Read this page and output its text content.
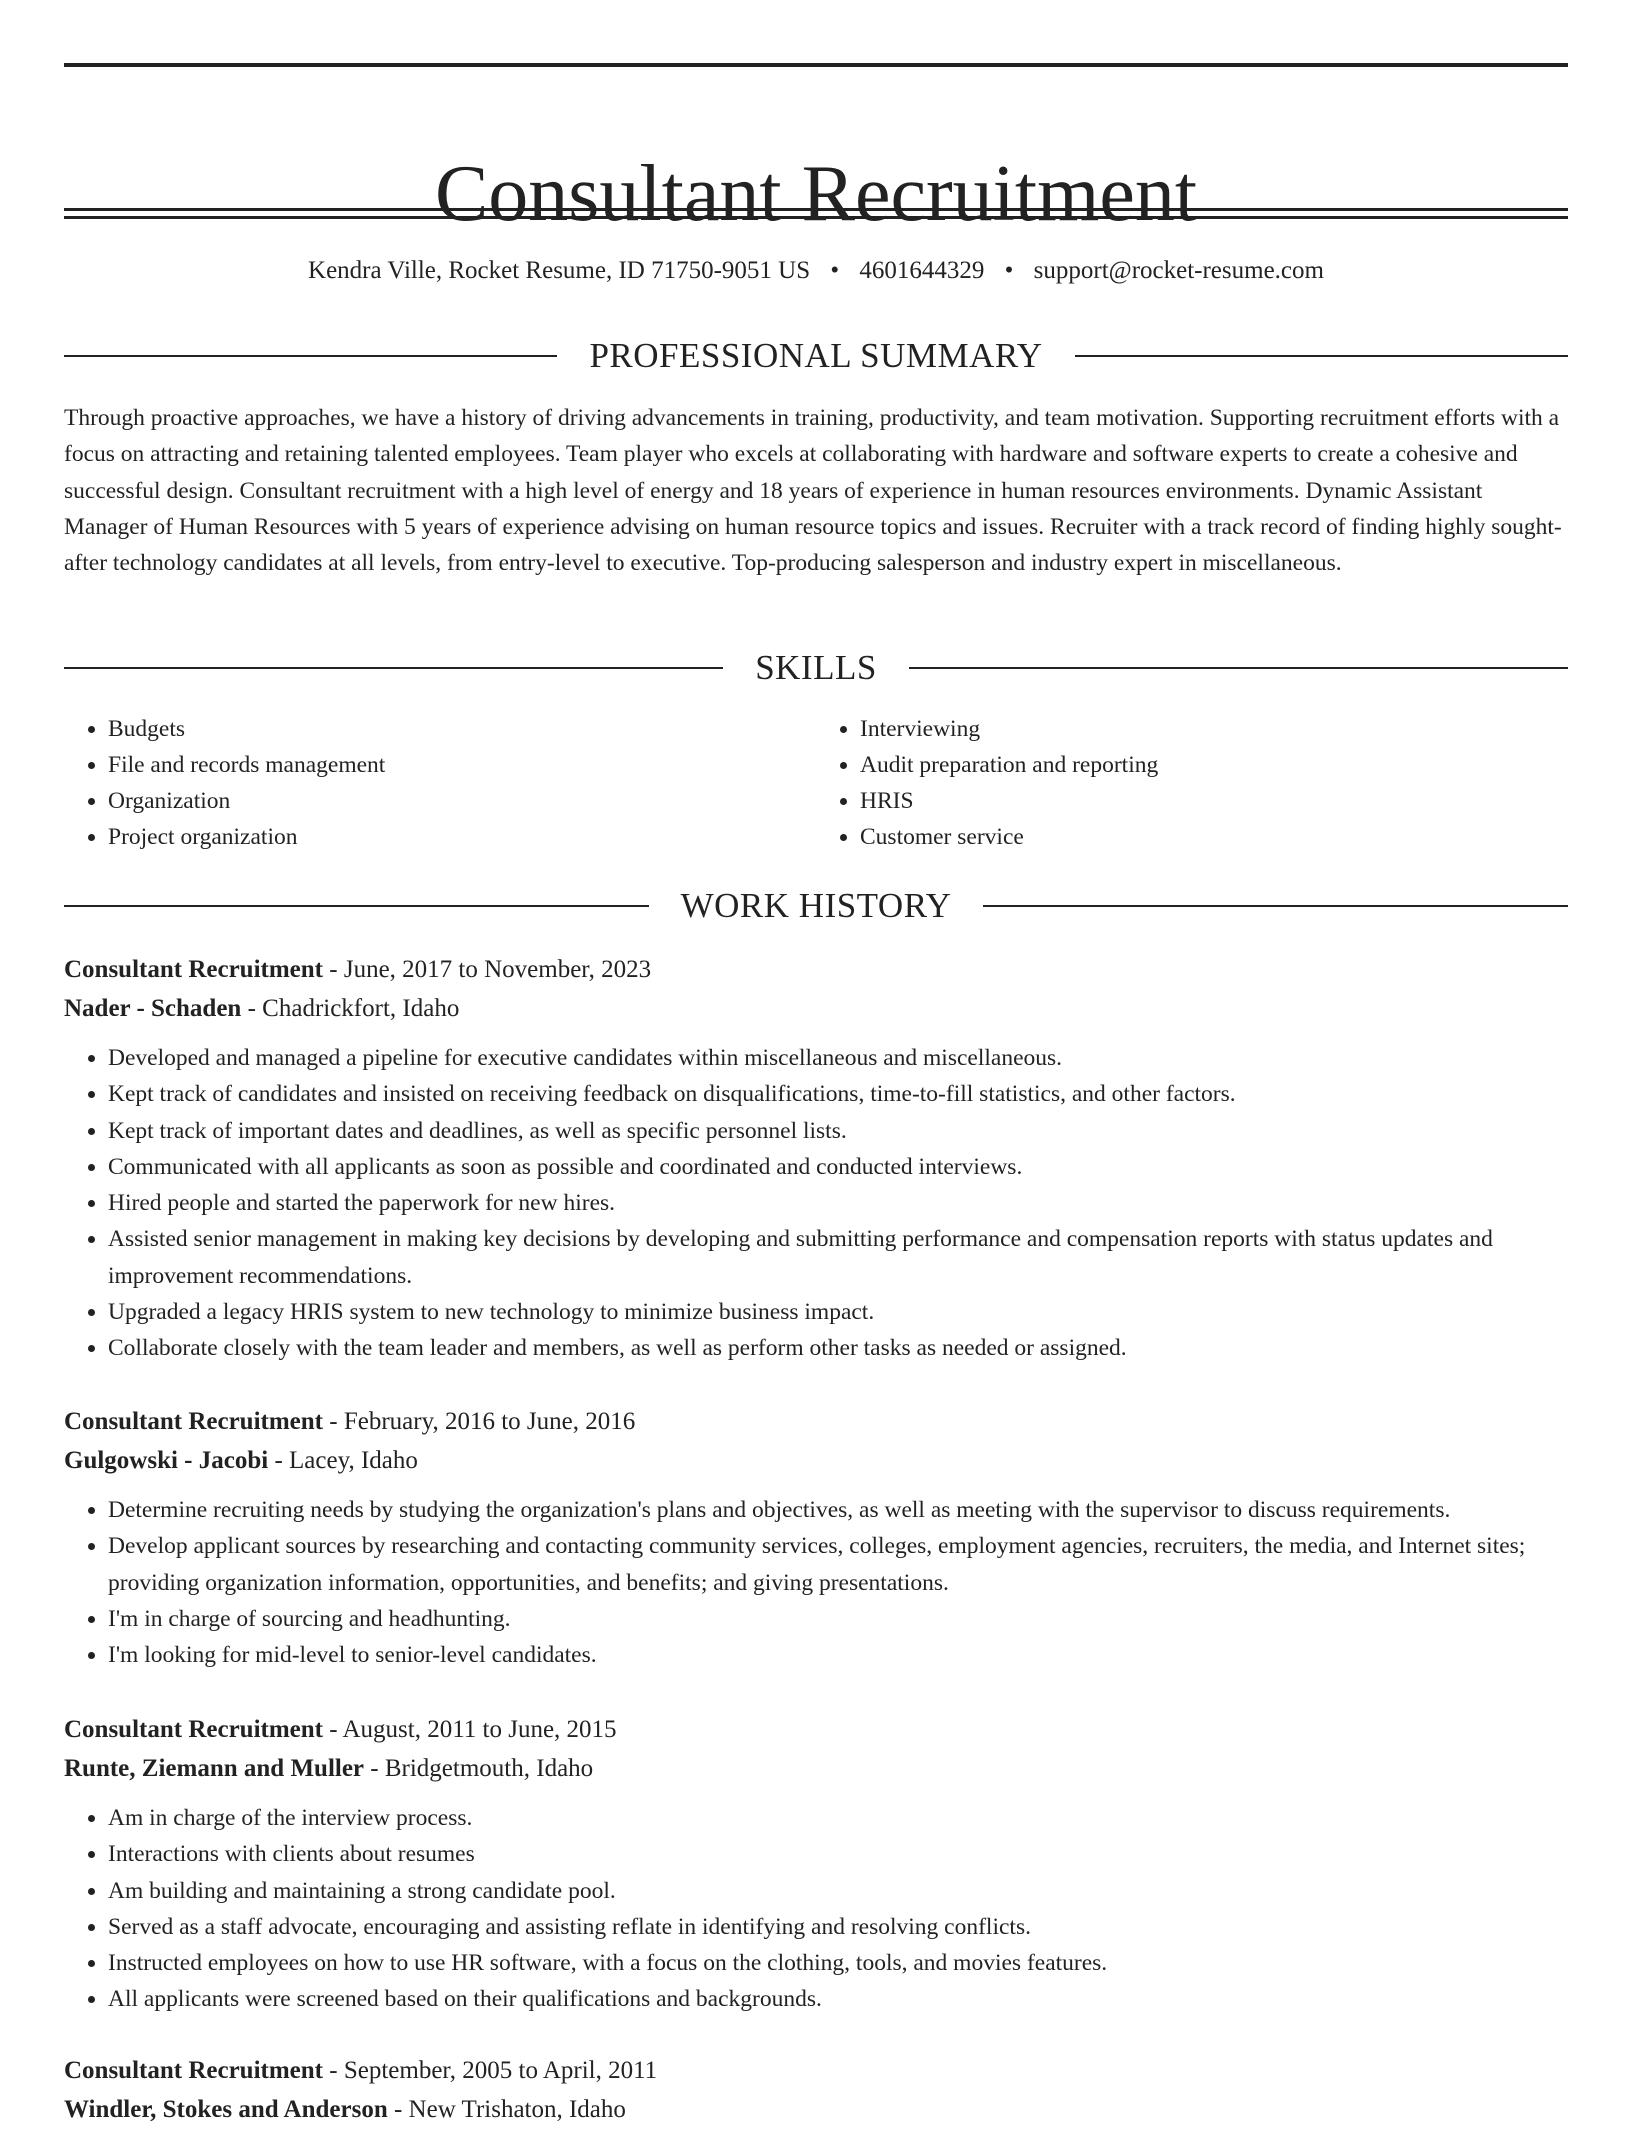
Consultant Recruitment
Kendra Ville, Rocket Resume, ID 71750-9051 US • 4601644329 • support@rocket-resume.com
PROFESSIONAL SUMMARY

Through proactive approaches, we have a history of driving advancements in training, productivity, and team motivation. Supporting recruitment efforts with a focus on attracting and retaining talented employees. Team player who excels at collaborating with hardware and software experts to create a cohesive and successful design. Consultant recruitment with a high level of energy and 18 years of experience in human resources environments. Dynamic Assistant Manager of Human Resources with 5 years of experience advising on human resource topics and issues. Recruiter with a track record of finding highly sought-after technology candidates at all levels, from entry-level to executive. Top-producing salesperson and industry expert in miscellaneous.

SKILLS
• Budgets
• File and records management
• Organization
• Project organization
• Interviewing
• Audit preparation and reporting
• HRIS
• Customer service
WORK HISTORY
Consultant Recruitment - June, 2017 to November, 2023
Nader - Schaden - Chadrickfort, Idaho
• Developed and managed a pipeline for executive candidates within miscellaneous and miscellaneous.
• Kept track of candidates and insisted on receiving feedback on disqualifications, time-to-fill statistics, and other factors.
• Kept track of important dates and deadlines, as well as specific personnel lists.
• Communicated with all applicants as soon as possible and coordinated and conducted interviews.
• Hired people and started the paperwork for new hires.
• Assisted senior management in making key decisions by developing and submitting performance and compensation reports with status updates and improvement recommendations.
• Upgraded a legacy HRIS system to new technology to minimize business impact.
• Collaborate closely with the team leader and members, as well as perform other tasks as needed or assigned.
Consultant Recruitment - February, 2016 to June, 2016
Gulgowski - Jacobi - Lacey, Idaho
• Determine recruiting needs by studying the organization's plans and objectives, as well as meeting with the supervisor to discuss requirements.
• Develop applicant sources by researching and contacting community services, colleges, employment agencies, recruiters, the media, and Internet sites; providing organization information, opportunities, and benefits; and giving presentations.
• I'm in charge of sourcing and headhunting.
• I'm looking for mid-level to senior-level candidates.
Consultant Recruitment - August, 2011 to June, 2015
Runte, Ziemann and Muller - Bridgetmouth, Idaho
• Am in charge of the interview process.
• Interactions with clients about resumes
• Am building and maintaining a strong candidate pool.
• Served as a staff advocate, encouraging and assisting reflate in identifying and resolving conflicts.
• Instructed employees on how to use HR software, with a focus on the clothing, tools, and movies features.
• All applicants were screened based on their qualifications and backgrounds.
Consultant Recruitment - September, 2005 to April, 2011
Windler, Stokes and Anderson - New Trishaton, Idaho
